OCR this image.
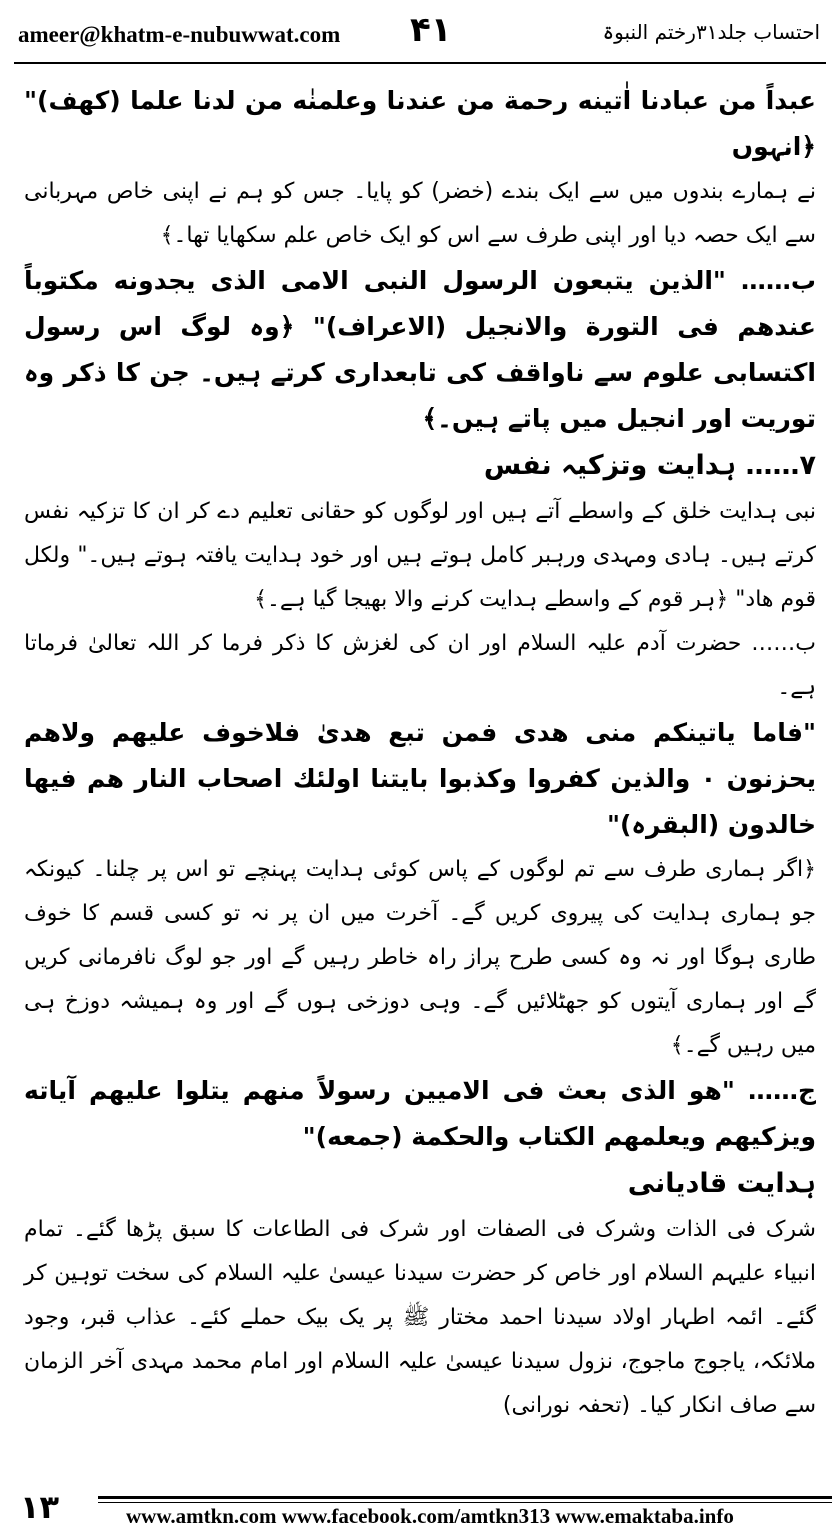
ameer@khatm-e-nubuwwat.com ۴۱	احتساب جلد۳۱رختم النبوۃ

عبداً من عبادنا اٰتینه رحمة من عندنا وعلمنٰه من لدنا علما (کهف)" ﴿انہوں

نے ہمارے بندوں میں سے ایک بندے (خضر) کو پایا۔ جس کو ہم نے اپنی خاص مہربانی سے ایک حصہ دیا اور اپنی طرف سے اس کو ایک خاص علم سکھایا تھا۔﴾

ب…… "الذین یتبعون الرسول النبی الامی الذی یجدونه مکتوباً عندهم فی التورة والانجیل (الاعراف)" ﴿وہ لوگ اس رسول اکتسابی علوم سے ناواقف کی تابعداری کرتے ہیں۔ جن کا ذکر وہ توریت اور انجیل میں پاتے ہیں۔﴾

۷…… ہدایت وتزکیہ نفس

نبی ہدایت خلق کے واسطے آتے ہیں اور لوگوں کو حقانی تعلیم دے کر ان کا تزکیہ نفس کرتے ہیں۔ ہادی ومہدی ورہبر کامل ہوتے ہیں اور خود ہدایت یافتہ ہوتے ہیں۔" ولکل قوم هاد" ﴿ہر قوم کے واسطے ہدایت کرنے والا بھیجا گیا ہے۔﴾

ب…… حضرت آدم علیہ السلام اور ان کی لغزش کا ذکر فرما کر اللہ تعالیٰ فرماتا ہے۔

"فاما یاتینکم منی هدی فمن تبع هدیٰ فلاخوف علیهم ولاهم یحزنون ۰ والذین کفروا وکذبوا بایتنا اولئك اصحاب النار هم فیها خالدون (البقرہ)"

﴿اگر ہماری طرف سے تم لوگوں کے پاس کوئی ہدایت پہنچے تو اس پر چلنا۔ کیونکہ جو ہماری ہدایت کی پیروی کریں گے۔ آخرت میں ان پر نہ تو کسی قسم کا خوف طاری ہوگا اور نہ وہ کسی طرح پراز راہ خاطر رہیں گے اور جو لوگ نافرمانی کریں گے اور ہماری آیتوں کو جھٹلائیں گے۔ وہی دوزخی ہوں گے اور وہ ہمیشہ دوزخ ہی میں رہیں گے۔﴾

ج…… "هو الذی بعث فی الامیین رسولاً منهم یتلوا علیهم آیاته ویزکیهم ویعلمهم الکتاب والحکمة (جمعه)"

ہدایت قادیانی

شرک فی الذات وشرک فی الصفات اور شرک فی الطاعات کا سبق پڑھا گئے۔ تمام انبیاء علیہم السلام اور خاص کر حضرت سیدنا عیسیٰ علیہ السلام کی سخت توہین کر گئے۔ ائمہ اطہار اولاد سیدنا احمد مختار ﷺ پر یک بیک حملے کئے۔ عذاب قبر، وجود ملائکہ، یاجوج ماجوج، نزول سیدنا عیسیٰ علیہ السلام اور امام محمد مہدی آخر الزمان سے صاف انکار کیا۔ (تحفہ نورانی)

۱۳	www.amtkn.com www.facebook.com/amtkn313 www.emaktaba.info
